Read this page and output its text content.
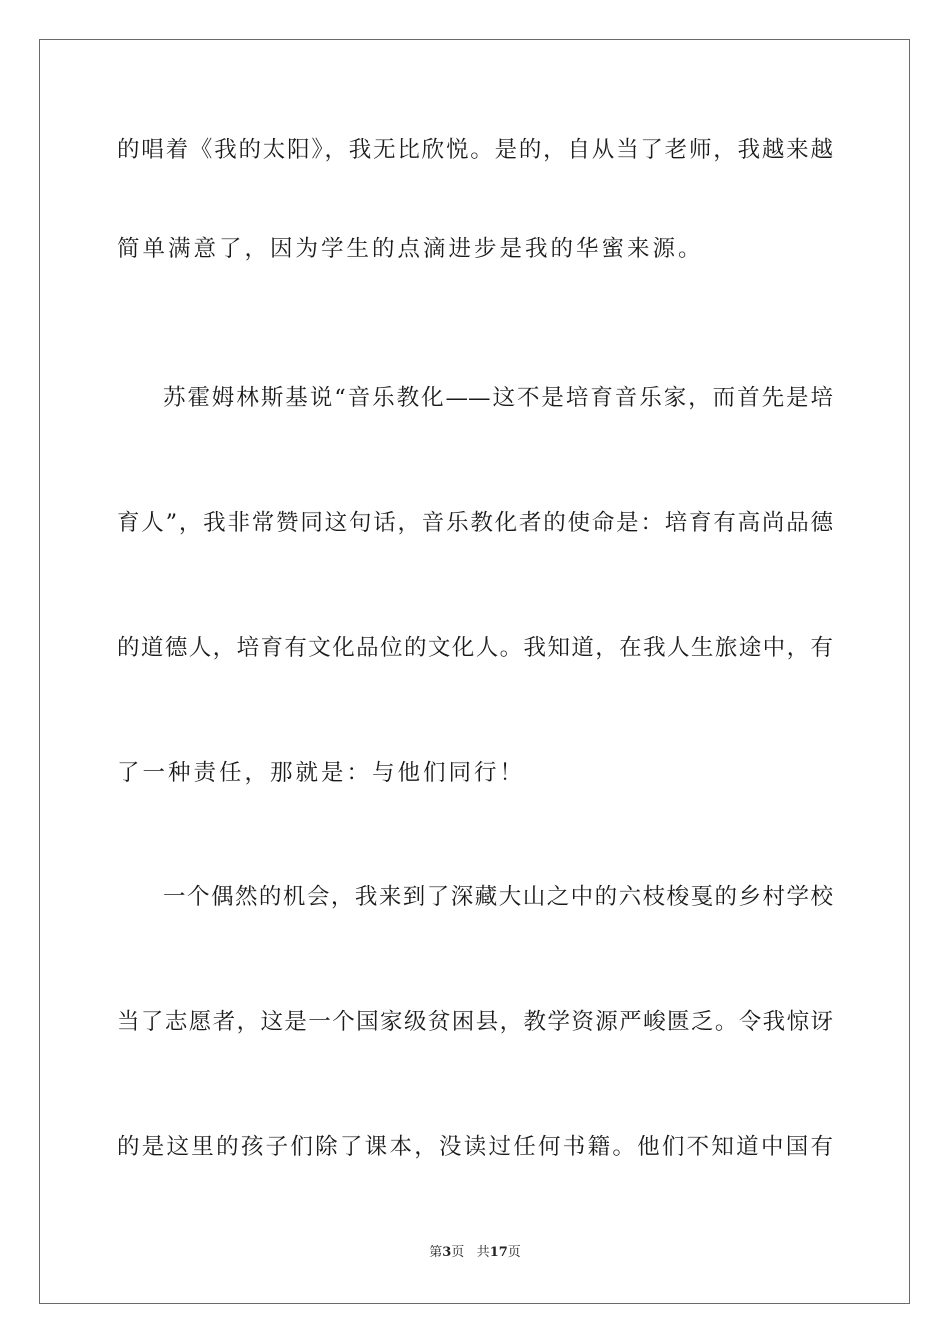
的唱着《我的太阳》，我无比欣悦。是的，自从当了老师，我越来越
简单满意了，因为学生的点滴进步是我的华蜜来源。
苏霍姆林斯基说“音乐教化——这不是培育音乐家，而首先是培
育人”，我非常赞同这句话，音乐教化者的使命是：培育有高尚品德
的道德人，培育有文化品位的文化人。我知道，在我人生旅途中，有
了一种责任，那就是：与他们同行！
一个偶然的机会，我来到了深藏大山之中的六枝梭戛的乡村学校
当了志愿者，这是一个国家级贫困县，教学资源严峻匮乏。令我惊讶
的是这里的孩子们除了课本，没读过任何书籍。他们不知道中国有
第3页 共17页
